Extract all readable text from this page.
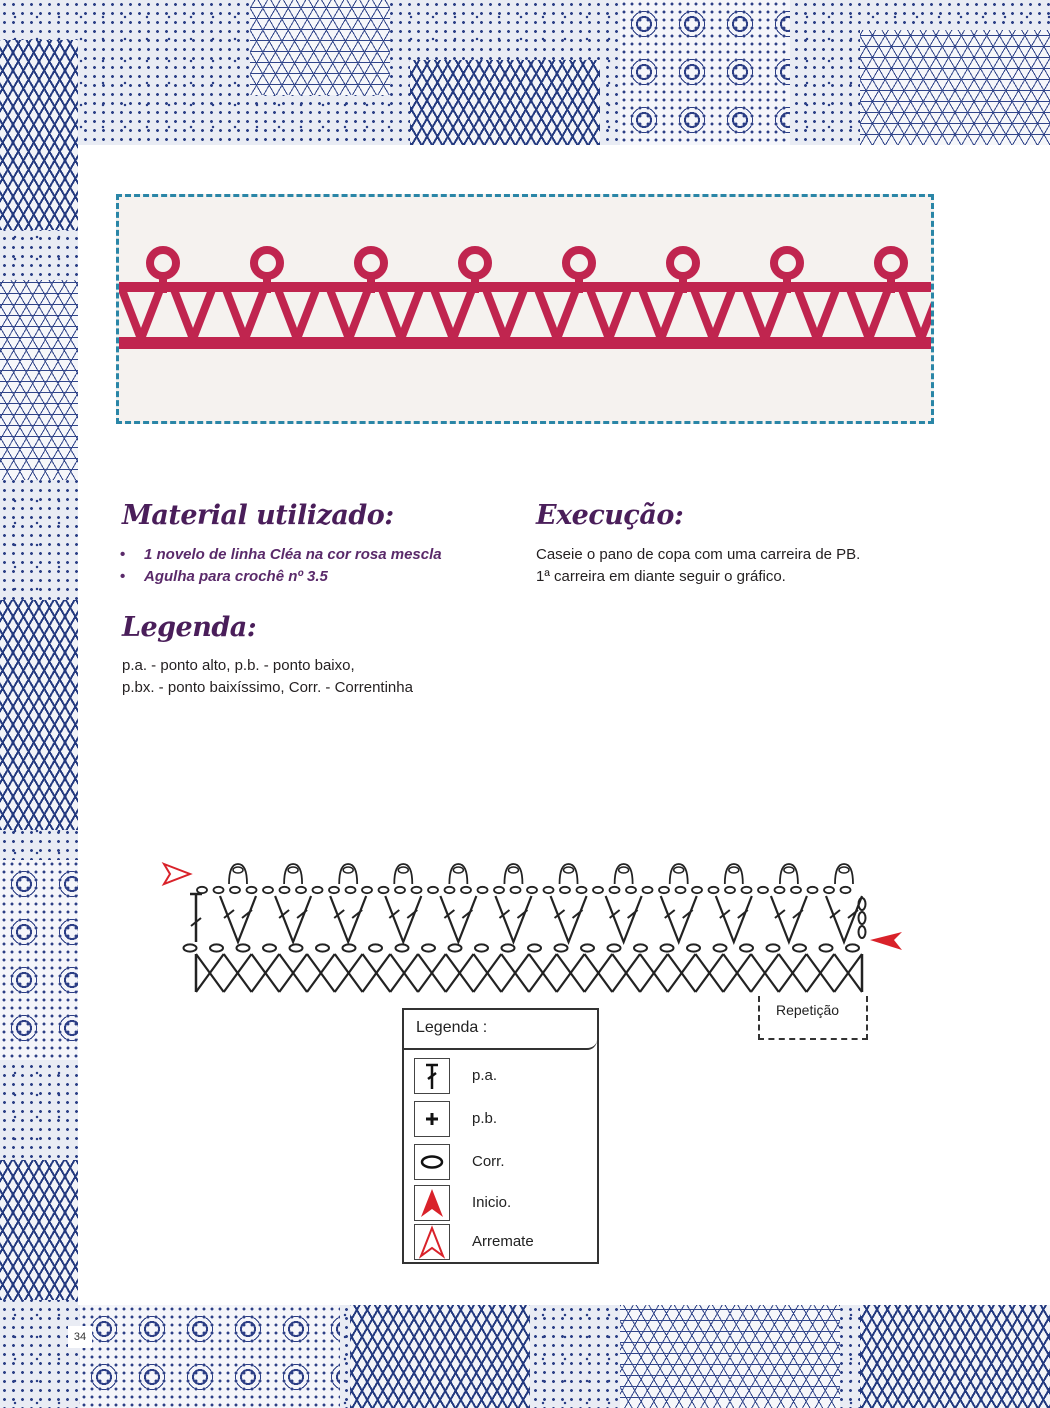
Material utilizado:
• 1 novelo de linha Cléa na cor rosa mescla
• Agulha para crochê nº 3.5
Execução:
Caseie o pano de copa com uma carreira de PB.
1ª carreira em diante seguir o gráfico.
Legenda:
p.a. - ponto alto, p.b. - ponto baixo,
p.bx. - ponto baixíssimo, Corr. - Correntinha
Repetição
Legenda :
p.a.
p.b.
Corr.
Inicio.
Arremate
34
